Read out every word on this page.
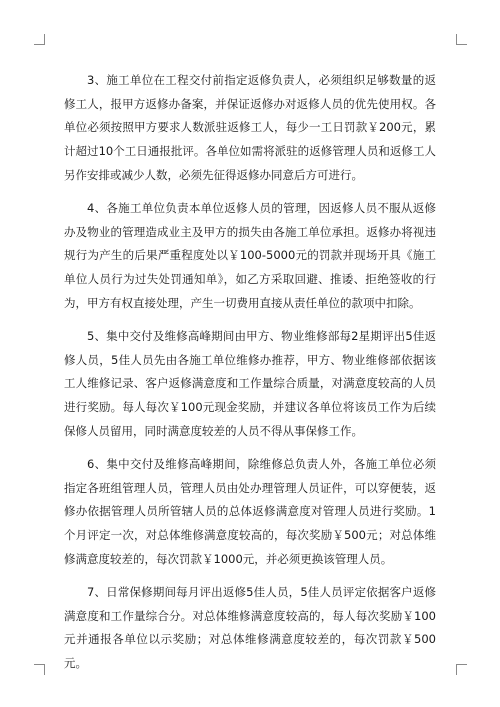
3、施工单位在工程交付前指定返修负责人，必须组织足够数量的返修工人，报甲方返修办备案，并保证返修办对返修人员的优先使用权。各单位必须按照甲方要求人数派驻返修工人，每少一工日罚款￥200元，累计超过10个工日通报批评。各单位如需将派驻的返修管理人员和返修工人另作安排或减少人数，必须先征得返修办同意后方可进行。

4、各施工单位负责本单位返修人员的管理，因返修人员不服从返修办及物业的管理造成业主及甲方的损失由各施工单位承担。返修办将视违规行为产生的后果严重程度处以￥100-5000元的罚款并现场开具《施工单位人员行为过失处罚通知单》，如乙方采取回避、推诿、拒绝签收的行为，甲方有权直接处理，产生一切费用直接从责任单位的款项中扣除。

5、集中交付及维修高峰期间由甲方、物业维修部每2星期评出5佳返修人员，5佳人员先由各施工单位维修办推荐，甲方、物业维修部依据该工人维修记录、客户返修满意度和工作量综合质量，对满意度较高的人员进行奖励。每人每次￥100元现金奖励，并建议各单位将该员工作为后续保修人员留用，同时满意度较差的人员不得从事保修工作。

6、集中交付及维修高峰期间，除维修总负责人外，各施工单位必须指定各班组管理人员，管理人员由处办理管理人员证件，可以穿便装，返修办依据管理人员所管辖人员的总体返修满意度对管理人员进行奖励。1个月评定一次，对总体维修满意度较高的，每次奖励￥500元；对总体维修满意度较差的，每次罚款￥1000元，并必须更换该管理人员。

7、日常保修期间每月评出返修5佳人员，5佳人员评定依据客户返修满意度和工作量综合分。对总体维修满意度较高的，每人每次奖励￥100元并通报各单位以示奖励；对总体维修满意度较差的，每次罚款￥500元。
